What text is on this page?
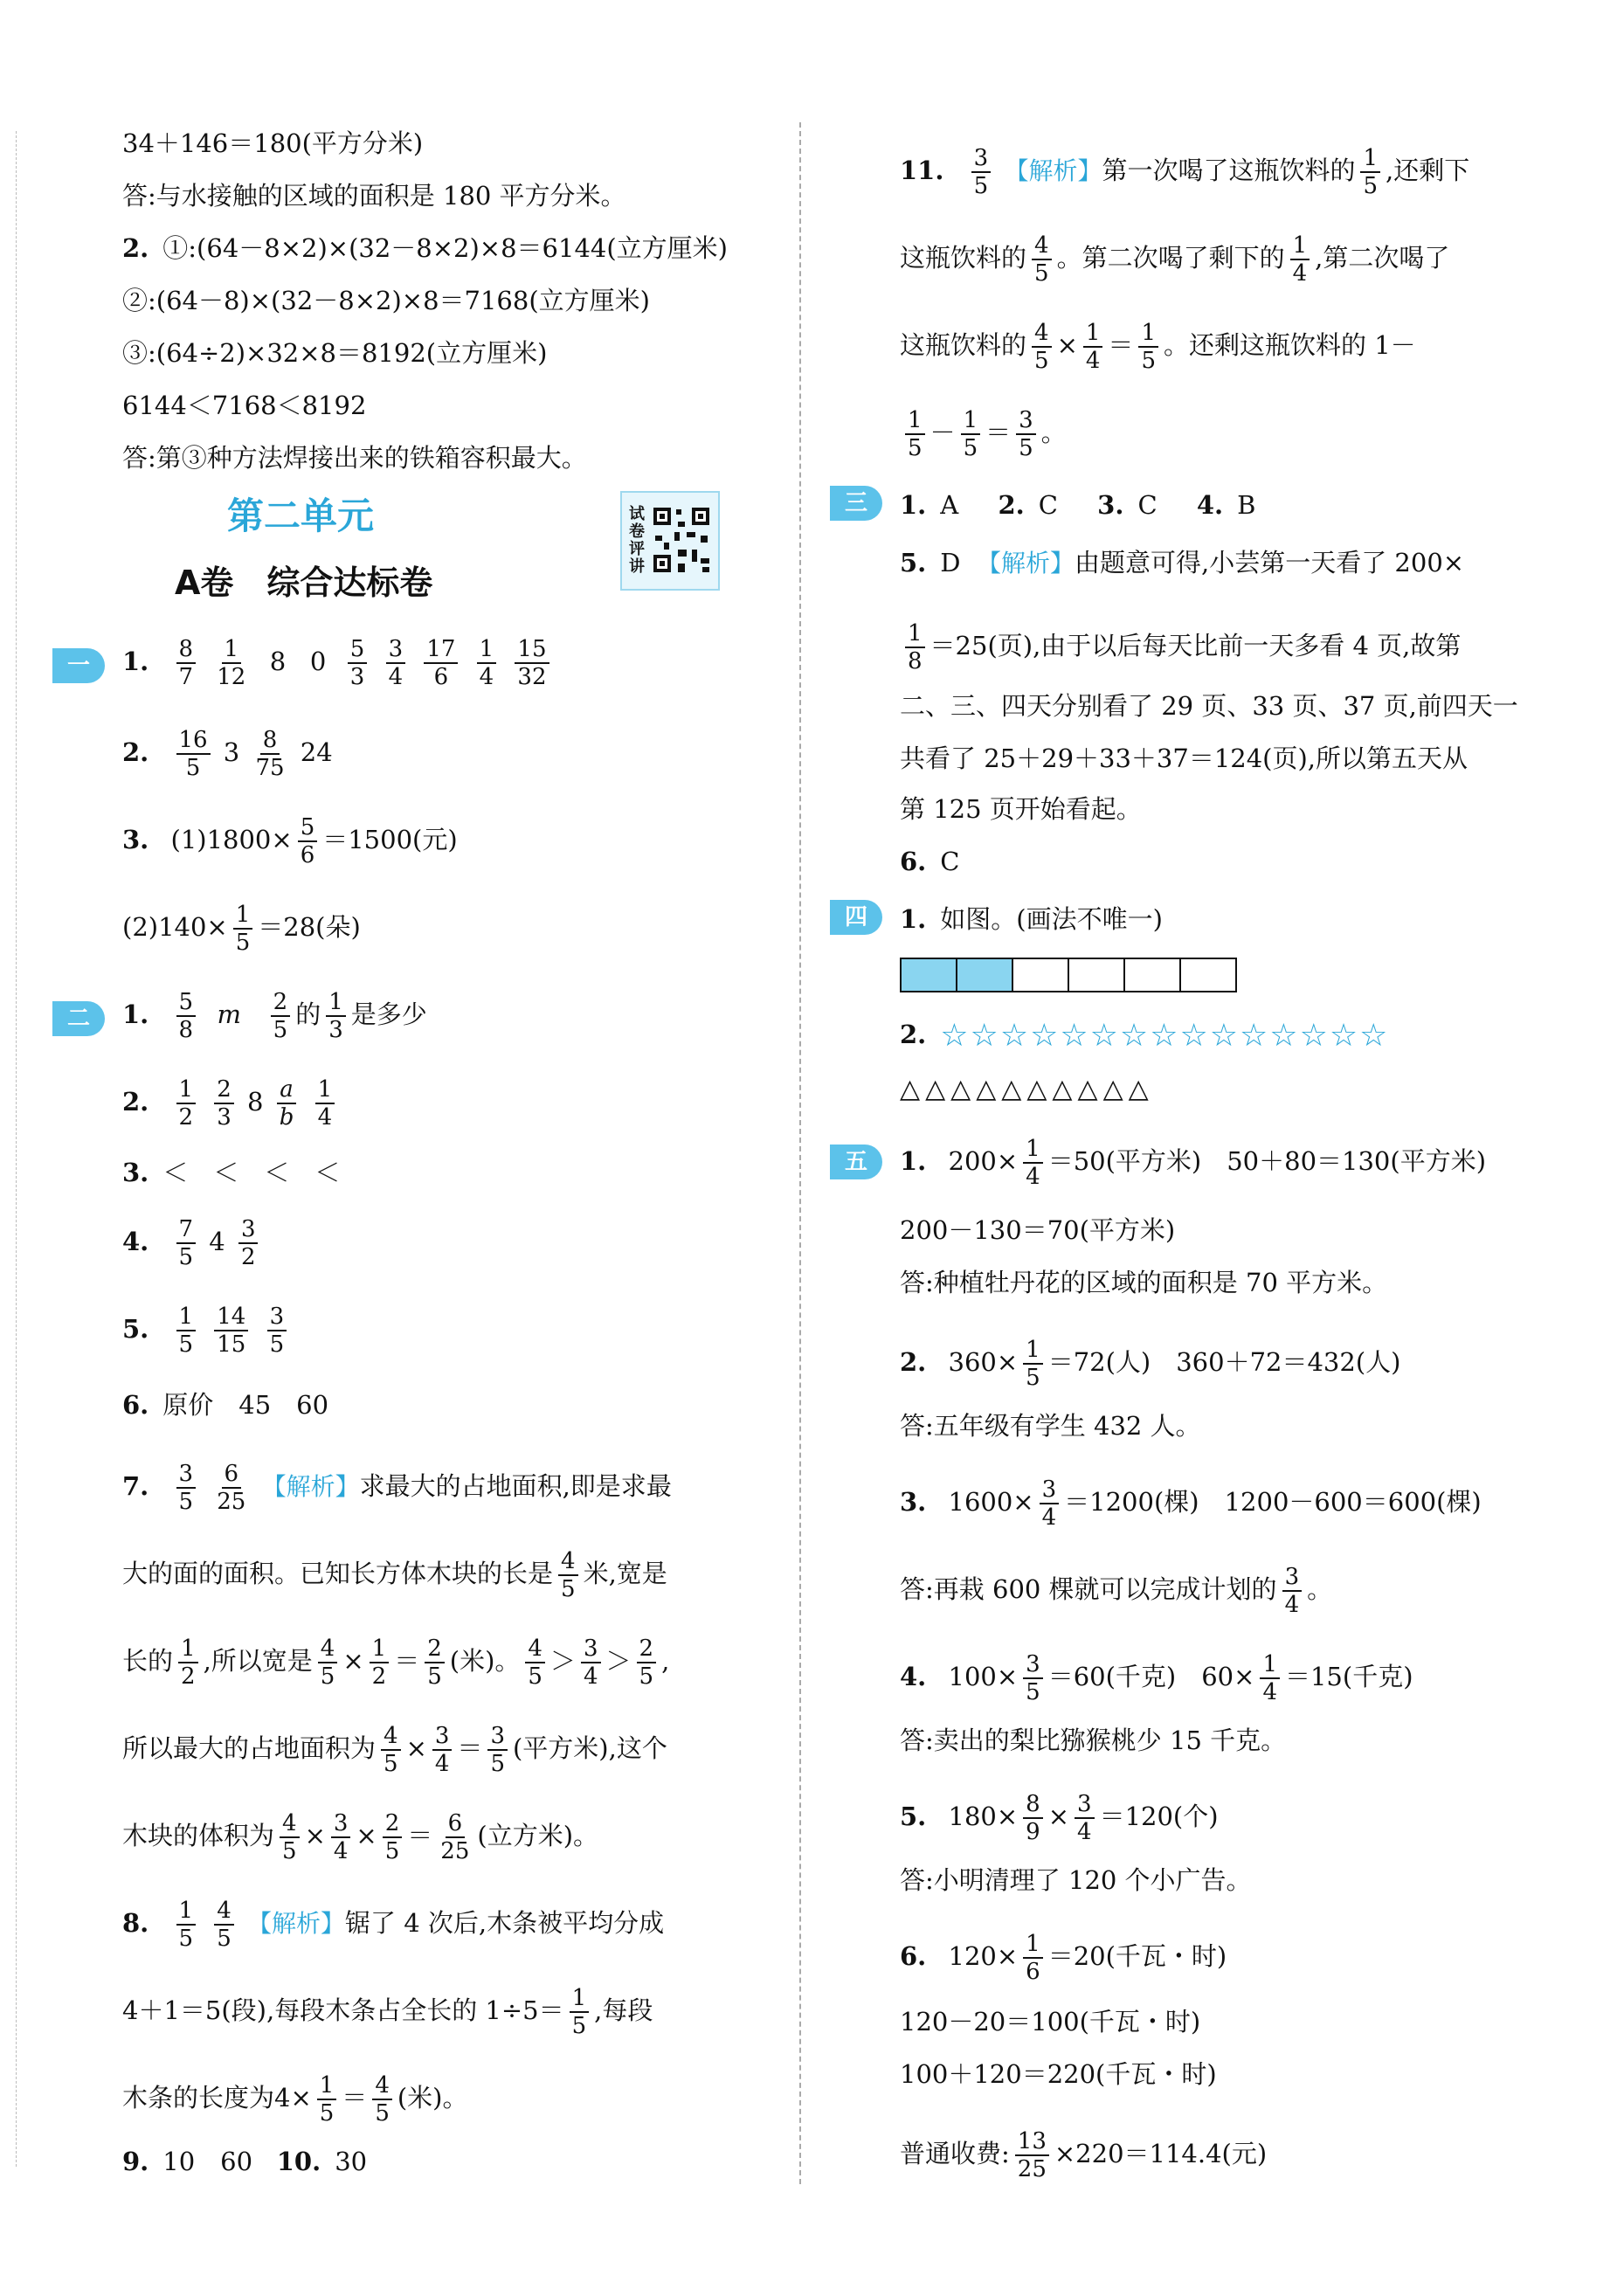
34＋146＝180(平方分米)
答:与水接触的区域的面积是 180 平方分米。
2. ①:(64－8×2)×(32－8×2)×8＝6144(立方厘米)
②:(64－8)×(32－8×2)×8＝7168(立方厘米)
③:(64÷2)×32×8＝8192(立方厘米)
6144＜7168＜8192
答:第③种方法焊接出来的铁箱容积最大。
第二单元
A卷　综合达标卷
试
卷
评
讲
一	1. $\frac{8}{7}$
$\frac{1}{12} 8$   $0 \frac{5}{3}$
$\frac{3}{4}$
$\frac{17}{6}$
$\frac{1}{4}$
$\frac{15}{32}$
2. $\frac{16}{5} 3 \frac{8}{75} 24$
3. $(1)1800\times \frac{5}{6} =1500$(元)
$(2)140\times \frac{1}{5} =28$(朵)
二	1. $\frac{5}{8}$ m $\frac{2}{5}$ 的 $\frac{1}{3}$ 是多少
2. $\frac{1}{2}$
$\frac{2}{3} 8 \frac{a}{b}$
$\frac{1}{4}$
3. ＜　＜　＜　＜
4. $\frac{7}{5} 4 \frac{3}{2}$
5. $\frac{1}{5}$
$\frac{14}{15}$
$\frac{3}{5}$
6. 原价　45　60
7. $\frac{3}{5}$
$\frac{6}{25}$ 【解析】求最大的占地面积,即是求最
大的面的面积。已知长方体木块的长是 $\frac{4}{5}$ 米,宽是
长的 $\frac{1}{2}$ ,所以宽是 $\frac{4}{5} \times \frac{1}{2} = \frac{2}{5}$ (米)。 $\frac{4}{5} > \frac{3}{4} > \frac{2}{5}$ ,
所以最大的占地面积为 $\frac{4}{5} \times \frac{3}{4} = \frac{3}{5}$ (平方米),这个
木块的体积为 $\frac{4}{5} \times \frac{3}{4} \times \frac{2}{5} = \frac{6}{25}$ (立方米)。
8. $\frac{1}{5}$
$\frac{4}{5}$ 【解析】锯了 4 次后,木条被平均分成
4＋1＝5(段),每段木条占全长的 $1\div 5= \frac{1}{5}$ ,每段
木条的长度为$4\times \frac{1}{5} = \frac{4}{5}$ (米)。
9. 10　60 10. 30
11. $\frac{3}{5}$ 【解析】第一次喝了这瓶饮料的 $\frac{1}{5}$ ,还剩下
这瓶饮料的 $\frac{4}{5}$ 。第二次喝了剩下的 $\frac{1}{4}$ ,第二次喝了
这瓶饮料的 $\frac{4}{5} \times \frac{1}{4} = \frac{1}{5}$ 。还剩这瓶饮料的 1－
$\frac{1}{5} - \frac{1}{5} = \frac{3}{5}$ 。
三	1. A 2. C 3. C 4. B
5. D 【解析】由题意可得,小芸第一天看了 200×
$\frac{1}{8} =25$(页),由于以后每天比前一天多看 4 页,故第
二、三、四天分别看了 29 页、33 页、37 页,前四天一
共看了 25＋29＋33＋37＝124(页),所以第五天从
第 125 页开始看起。
6. C
四	1. 如图。(画法不唯一)
2. ☆☆☆☆☆☆☆☆☆☆☆☆☆☆☆
△△△△△△△△△△
五	1. $200\times \frac{1}{4} =50$(平方米)　50＋80＝130(平方米)
200－130＝70(平方米)
答:种植牡丹花的区域的面积是 70 平方米。
2. $360\times \frac{1}{5} =72$(人)　360＋72＝432(人)
答:五年级有学生 432 人。
3. $1600\times \frac{3}{4} =1200$(棵)　1200－600＝600(棵)
答:再栽 600 棵就可以完成计划的 $\frac{3}{4}$ 。
4. $100\times \frac{3}{5} =60$(千克)　$60\times \frac{1}{4} =15$(千克)
答:卖出的梨比猕猴桃少 15 千克。
5. $180\times \frac{8}{9} \times \frac{3}{4} =120$(个)
答:小明清理了 120 个小广告。
6. $120\times \frac{1}{6} =20$(千瓦・时)
120－20＝100(千瓦・时)
100＋120＝220(千瓦・时)
普通收费: $\frac{13}{25} \times 220=114.4$(元)
